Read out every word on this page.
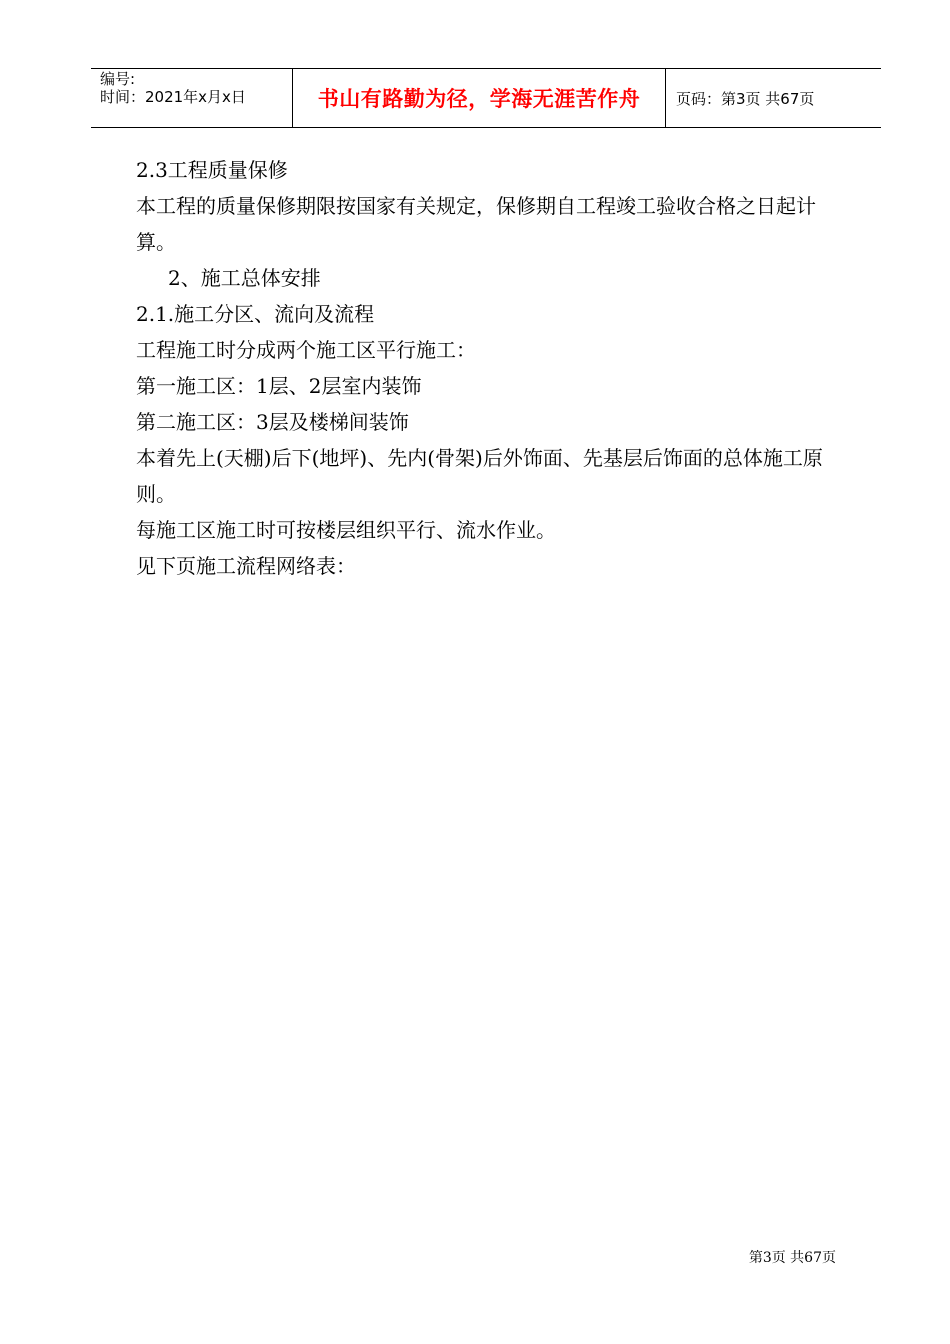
编号:
时间：2021年x月x日	书山有路勤为径，学海无涯苦作舟 页码：第3页 共67页

2.3工程质量保修

本工程的质量保修期限按国家有关规定，保修期自工程竣工验收合格之日起计算。

2、施工总体安排

2.1.施工分区、流向及流程

工程施工时分成两个施工区平行施工：

第一施工区：1层、2层室内装饰

第二施工区：3层及楼梯间装饰

本着先上(天棚)后下(地坪)、先内(骨架)后外饰面、先基层后饰面的总体施工原则。

每施工区施工时可按楼层组织平行、流水作业。

见下页施工流程网络表：

第3页 共67页
